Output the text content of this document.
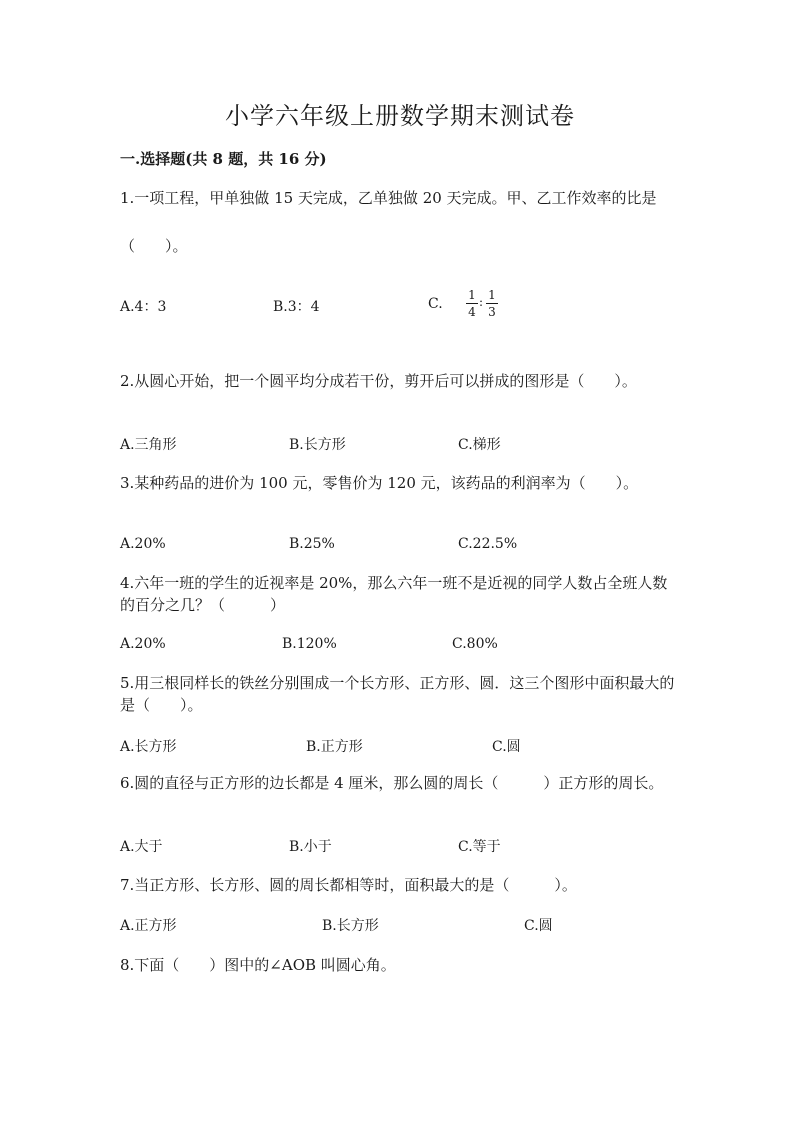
小学六年级上册数学期末测试卷
一.选择题(共 8 题，共 16 分)
1.一项工程，甲单独做 15 天完成，乙单独做 20 天完成。甲、乙工作效率的比是（　　）。
A.4：3	B.3：4	C. $\frac{1}{4}$ : $\frac{1}{3}$
2.从圆心开始，把一个圆平均分成若干份，剪开后可以拼成的图形是（　　）。
A.三角形	B.长方形	C.梯形
3.某种药品的进价为 100 元，零售价为 120 元，该药品的利润率为（　　）。
A.20%	B.25%	C.22.5%
4.六年一班的学生的近视率是 20%，那么六年一班不是近视的同学人数占全班人数的百分之几？（　　　）
A.20%	B.120%	C.80%
5.用三根同样长的铁丝分别围成一个长方形、正方形、圆．这三个图形中面积最大的是（　　）。
A.长方形	B.正方形	C.圆
6.圆的直径与正方形的边长都是 4 厘米，那么圆的周长（　　　）正方形的周长。
A.大于	B.小于	C.等于
7.当正方形、长方形、圆的周长都相等时，面积最大的是（　　　）。
A.正方形	B.长方形	C.圆
8.下面（　　）图中的∠AOB 叫圆心角。
